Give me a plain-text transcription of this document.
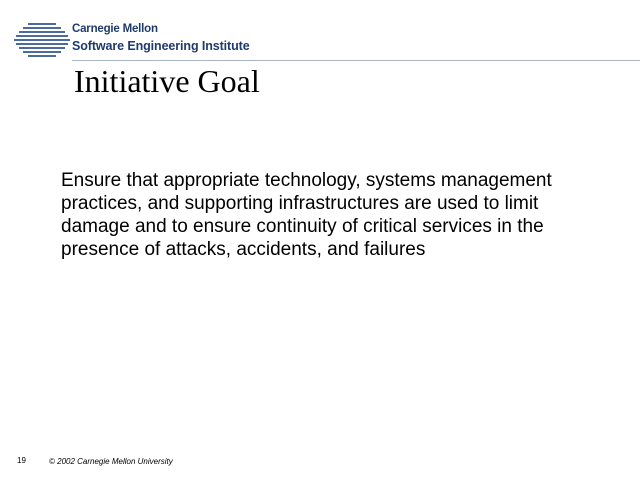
Carnegie Mellon
Software Engineering Institute
Initiative Goal

Ensure that appropriate technology, systems management practices, and supporting infrastructures are used to limit damage and to ensure continuity of critical services in the presence of attacks, accidents, and failures

19	© 2002 Carnegie Mellon University
